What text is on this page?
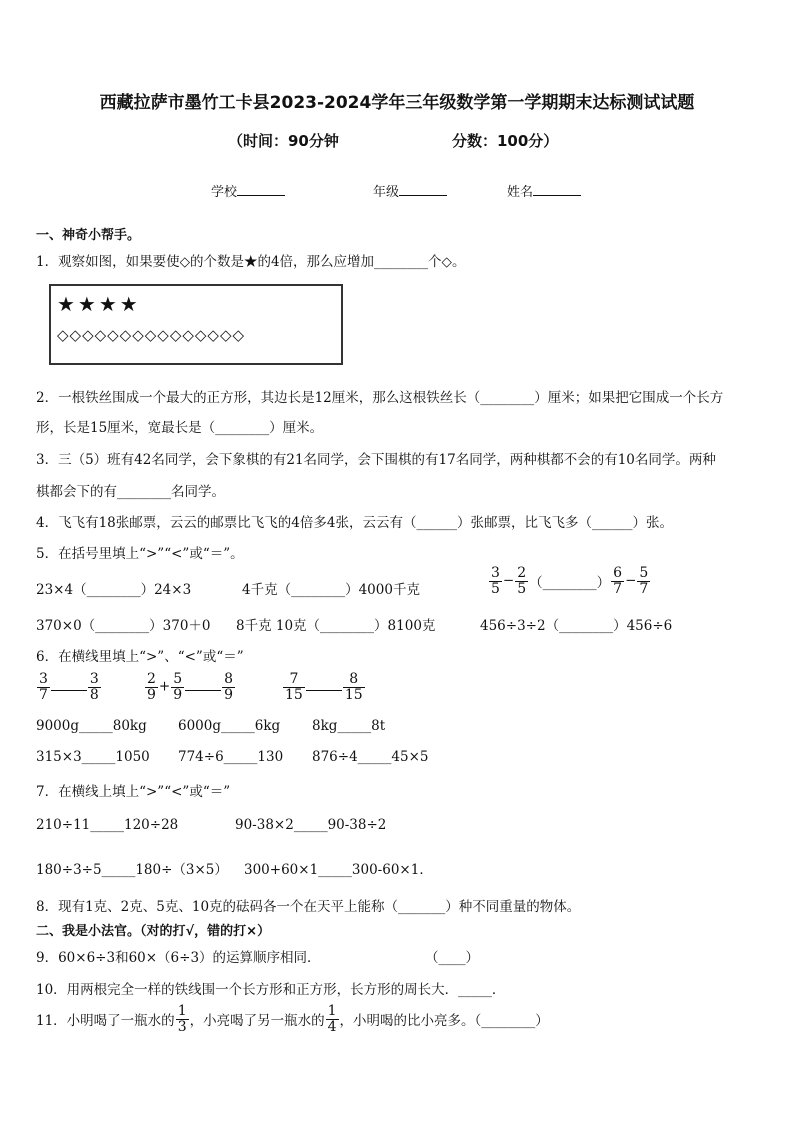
西藏拉萨市墨竹工卡县2023-2024学年三年级数学第一学期期末达标测试试题
（时间：90分钟	分数：100分）
学校	年级	姓名
一、神奇小帮手。
1．观察如图，如果要使◇的个数是★的4倍，那么应增加________个◇。
★★★★
◇◇◇◇◇◇◇◇◇◇◇◇◇◇◇
2．一根铁丝围成一个最大的正方形，其边长是12厘米，那么这根铁丝长（________）厘米；如果把它围成一个长方
形，长是15厘米，宽最长是（________）厘米。
3．三（5）班有42名同学，会下象棋的有21名同学，会下围棋的有17名同学，两种棋都不会的有10名同学。两种
棋都会下的有________名同学。
4．飞飞有18张邮票，云云的邮票比飞飞的4倍多4张，云云有（______）张邮票，比飞飞多（______）张。
5．在括号里填上“>”“<”或“＝”。
23×4（________）24×3	4千克（________）4000千克	$\frac{3}{5} - \frac{2}{5}$ （________） $\frac{6}{7} - \frac{5}{7}$
370×0（________）370＋0 8千克 10克（________）8100克	456÷3÷2（________）456÷6
6．在横线里填上“>”、“<”或“＝”
$\frac{3}{7}$	$\frac{3}{8}$	$\frac{2}{9} + \frac{5}{9}$	$\frac{8}{9}$	$\frac{7}{15}$	$\frac{8}{15}$
9000g_____80kg 6000g_____6kg 8kg_____8t
315×3_____1050 774÷6_____130 876÷4_____45×5
7．在横线上填上“>”“<”或“＝”
210÷11_____120÷28	90-38×2_____90-38÷2
180÷3÷5_____180÷（3×5） 300+60×1_____300-60×1．
8．现有1克、2克、5克、10克的砝码各一个在天平上能称（_______）种不同重量的物体。
二、我是小法官。（对的打√，错的打×）
9．60×6÷3和60×（6÷3）的运算顺序相同．	（____）
10．用两根完全一样的铁线围一个长方形和正方形，长方形的周长大．_____．
11．小明喝了一瓶水的 $\frac{1}{3}$ ，小亮喝了另一瓶水的 $\frac{1}{4}$ ，小明喝的比小亮多。（________）
